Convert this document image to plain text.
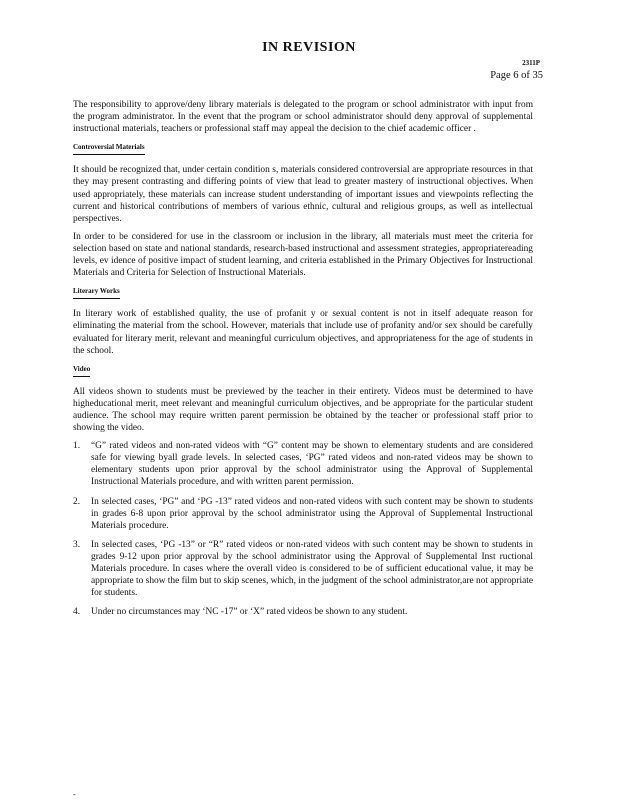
IN REVISION
2311P
Page 6 of 35

The responsibility to approve/deny library materials is delegated to the program or school administrator with input from the program administrator. In the event that the program or school administrator should deny approval of supplemental instructional materials, teachers or professional staff may appeal the decision to the chief academic officer .

Controversial Materials

It should be recognized that, under certain condition s, materials considered controversial are appropriate resources in that they may present contrasting and differing points of view that lead to greater mastery of instructional objectives. When used appropriately, these materials can increase student understanding of important issues and viewpoints reflecting the current and historical contributions of members of various ethnic, cultural and religious groups, as well as intellectual perspectives.

In order to be considered for use in the classroom or inclusion in the library, all materials must meet the criteria for selection based on state and national standards, research-based instructional and assessment strategies, appropriatereading levels, ev idence of positive impact of student learning, and criteria established in the Primary Objectives for Instructional Materials and Criteria for Selection of Instructional Materials.

Literary Works

In literary work of established quality, the use of profanit y or sexual content is not in itself adequate reason for eliminating the material from the school. However, materials that include use of profanity and/or sex should be carefully evaluated for literary merit, relevant and meaningful curriculum objectives, and appropriateness for the age of students in the school.

Video

All videos shown to students must be previewed by the teacher in their entirety. Videos must be determined to have higheducational merit, meet relevant and meaningful curriculum objectives, and be appropriate for the particular student audience. The school may require written parent permission be obtained by the teacher or professional staff prior to showing the video.

1. “G” rated videos and non-rated videos with “G” content may be shown to elementary students and are considered safe for viewing byall grade levels. In selected cases, ‘PG” rated videos and non-rated videos may be shown to elementary students upon prior approval by the school administrator using the Approval of Supplemental Instructional Materials procedure, and with written parent permission.
2. In selected cases, ‘PG” and ‘PG -13” rated videos and non-rated videos with such content may be shown to students in grades 6-8 upon prior approval by the school administrator using the Approval of Supplemental Instructional Materials procedure.
3. In selected cases, ‘PG -13” or “R” rated videos or non-rated videos with such content may be shown to students in grades 9-12 upon prior approval by the school administrator using the Approval of Supplemental Inst ructional Materials procedure. In cases where the overall video is considered to be of sufficient educational value, it may be appropriate to show the film but to skip scenes, which, in the judgment of the school administrator,are not appropriate for students.
4. Under no circumstances may ‘NC -17” or ‘X” rated videos be shown to any student.
-
